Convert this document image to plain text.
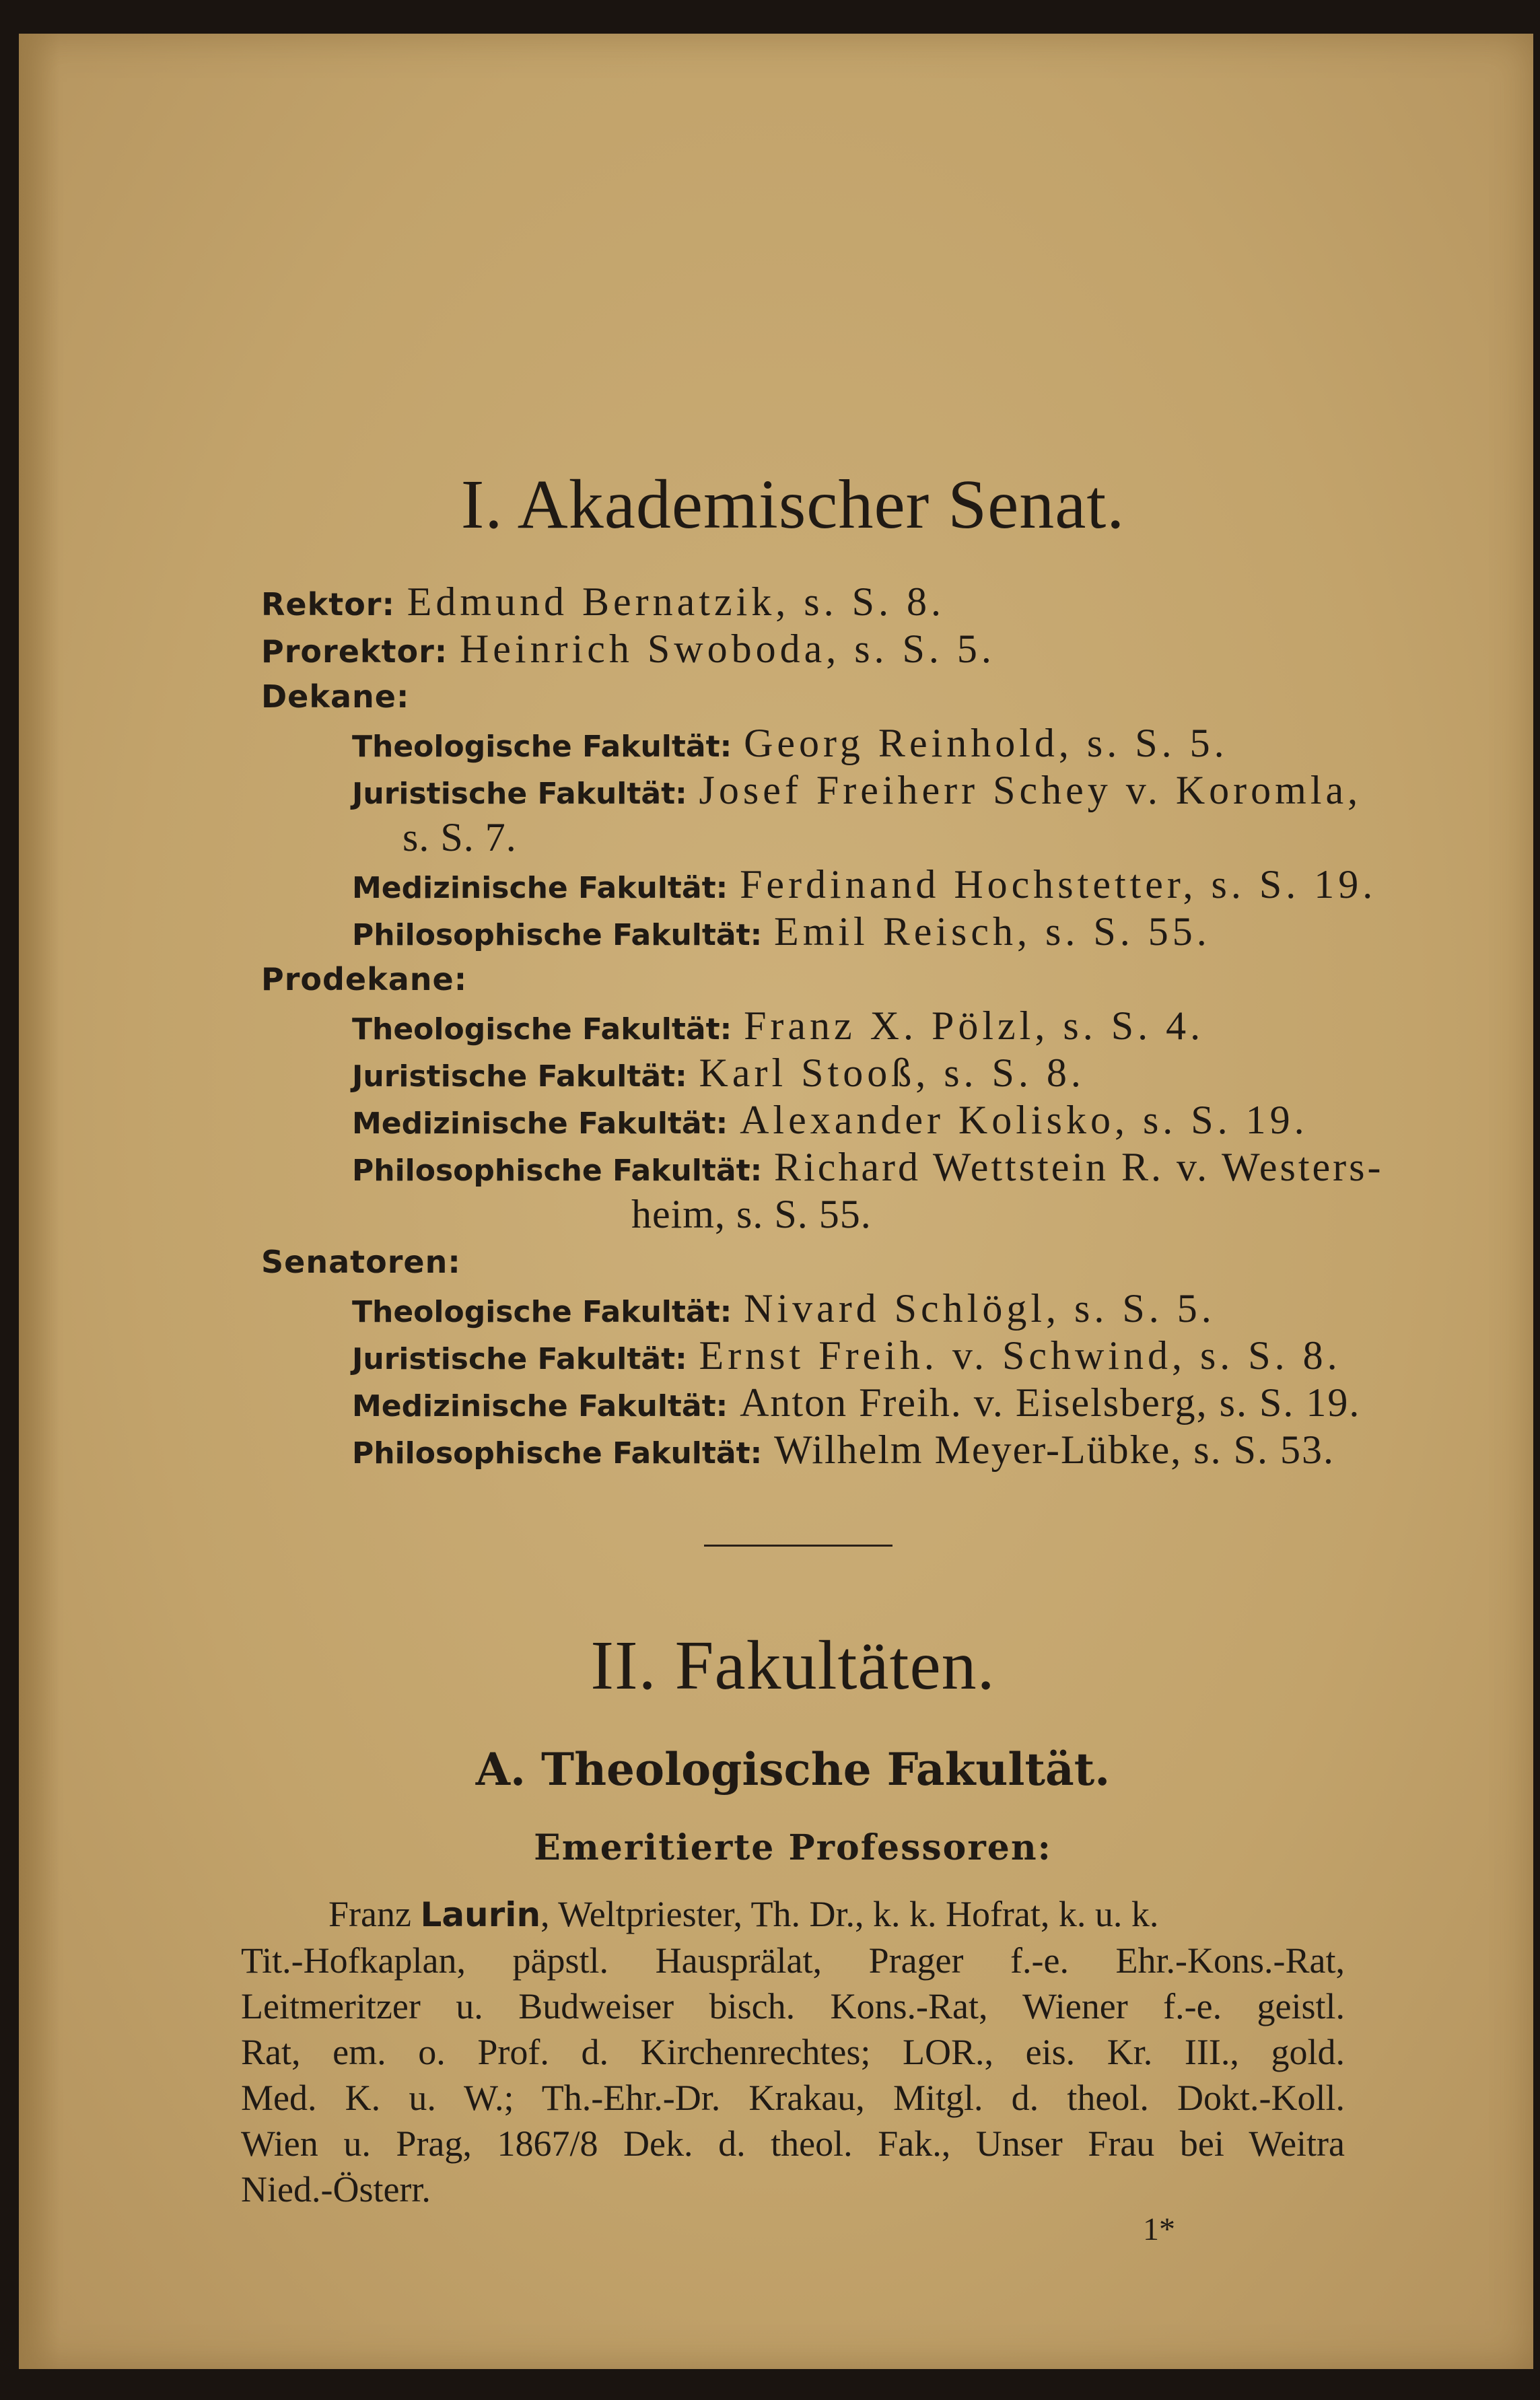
I. Akademischer Senat.
Rektor: Edmund Bernatzik, s. S. 8.
Prorektor: Heinrich Swoboda, s. S. 5.
Dekane:
Theologische Fakultät: Georg Reinhold, s. S. 5.
Juristische Fakultät: Josef Freiherr Schey v. Koromla,
s. S. 7.
Medizinische Fakultät: Ferdinand Hochstetter, s. S. 19.
Philosophische Fakultät: Emil Reisch, s. S. 55.
Prodekane:
Theologische Fakultät: Franz X. Pölzl, s. S. 4.
Juristische Fakultät: Karl Stooß, s. S. 8.
Medizinische Fakultät: Alexander Kolisko, s. S. 19.
Philosophische Fakultät: Richard Wettstein R. v. Westers-
heim, s. S. 55.
Senatoren:
Theologische Fakultät: Nivard Schlögl, s. S. 5.
Juristische Fakultät: Ernst Freih. v. Schwind, s. S. 8.
Medizinische Fakultät: Anton Freih. v. Eiselsberg, s. S. 19.
Philosophische Fakultät: Wilhelm Meyer-Lübke, s. S. 53.
II. Fakultäten.
A. Theologische Fakultät.
Emeritierte Professoren:
Franz Laurin, Weltpriester, Th. Dr., k. k. Hofrat, k. u. k.
Tit.-Hofkaplan, päpstl. Hausprälat, Prager f.-e. Ehr.-Kons.-Rat,
Leitmeritzer u. Budweiser bisch. Kons.-Rat, Wiener f.-e. geistl.
Rat, em. o. Prof. d. Kirchenrechtes; LOR., eis. Kr. III., gold.
Med. K. u. W.; Th.-Ehr.-Dr. Krakau, Mitgl. d. theol. Dokt.-Koll.
Wien u. Prag, 1867/8 Dek. d. theol. Fak., Unser Frau bei Weitra
Nied.-Österr.
1*
